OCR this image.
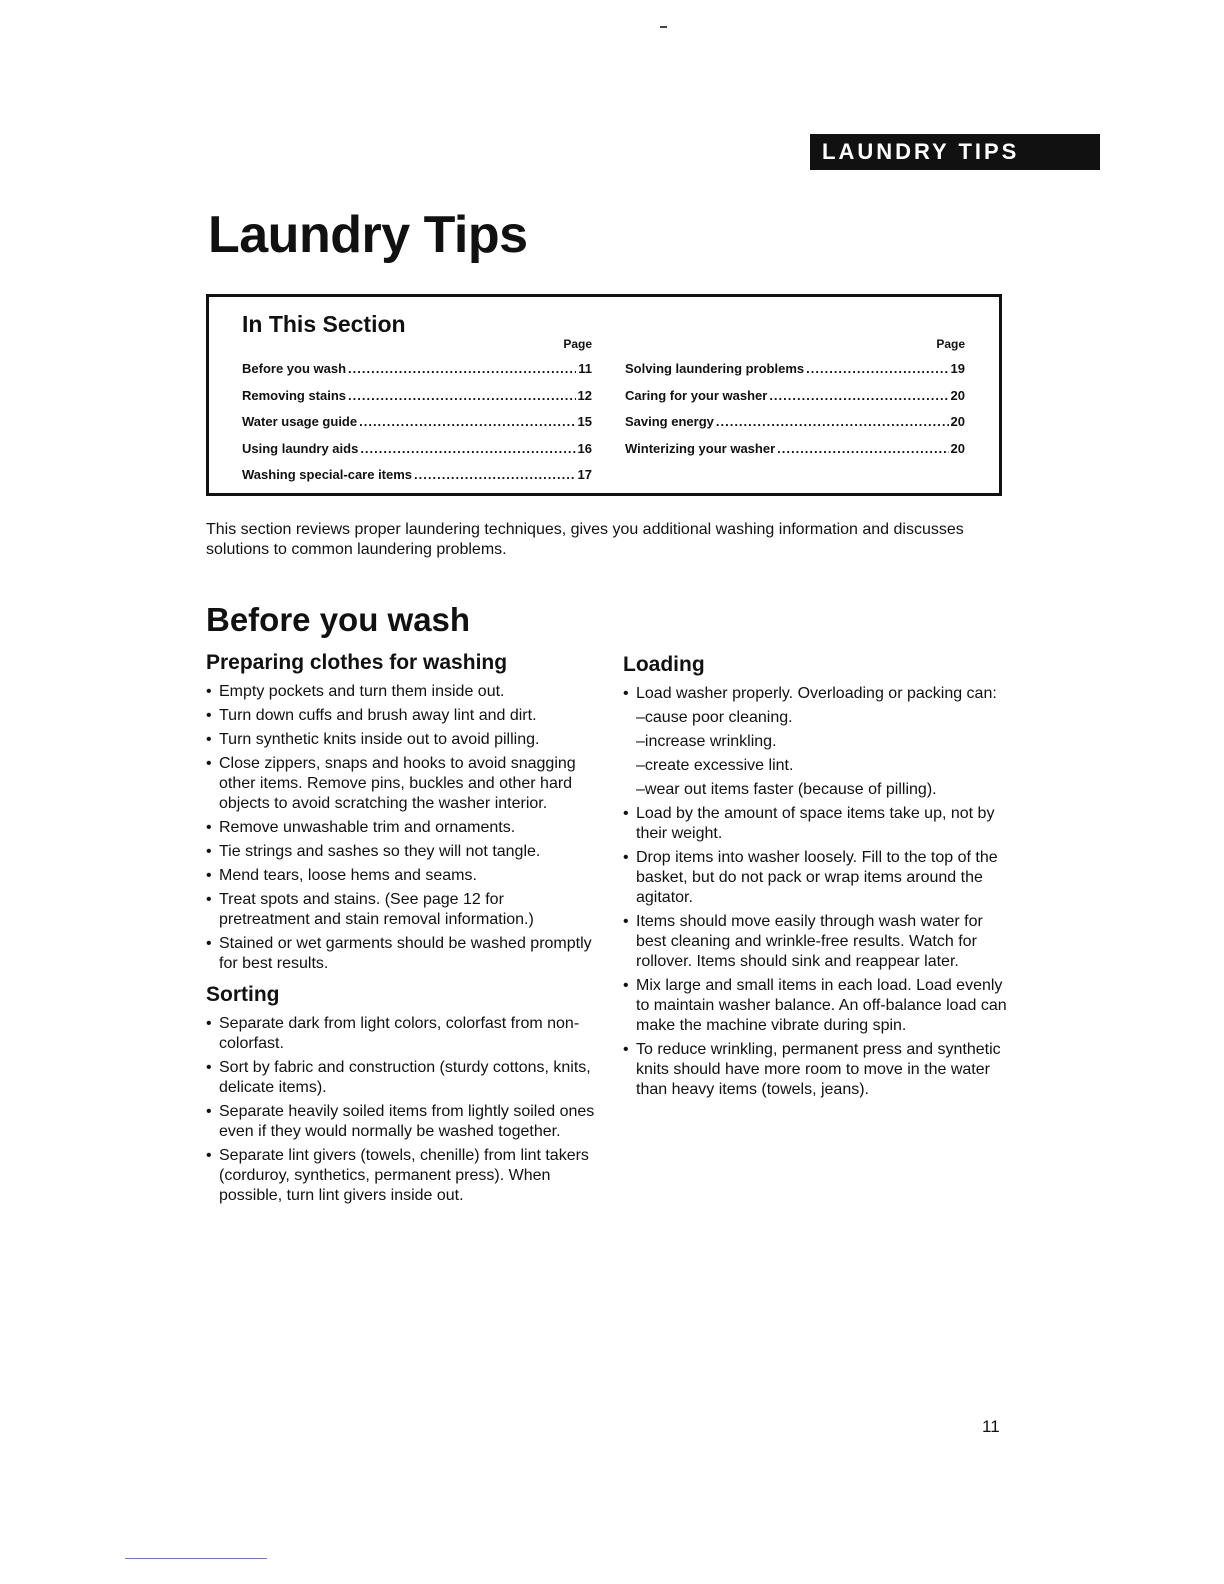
LAUNDRY TIPS
Laundry Tips
In This Section
Page
Before you wash .....	11
Removing stains .....	12
Water usage guide .....	15
Using laundry aids .....	16
Washing special-care items .....	17
Page
Solving laundering problems .....	19
Caring for your washer .....	20
Saving energy .....	20
Winterizing your washer .....	20

This section reviews proper laundering techniques, gives you additional washing information and discusses solutions to common laundering problems.

Before you wash
Preparing clothes for washing
• Empty pockets and turn them inside out.
• Turn down cuffs and brush away lint and dirt.
• Turn synthetic knits inside out to avoid pilling.
• Close zippers, snaps and hooks to avoid snagging other items. Remove pins, buckles and other hard objects to avoid scratching the washer interior.
• Remove unwashable trim and ornaments.
• Tie strings and sashes so they will not tangle.
• Mend tears, loose hems and seams.
• Treat spots and stains. (See page 12 for pretreatment and stain removal information.)
• Stained or wet garments should be washed promptly for best results.
Sorting
• Separate dark from light colors, colorfast from non-colorfast.
• Sort by fabric and construction (sturdy cottons, knits, delicate items).
• Separate heavily soiled items from lightly soiled ones even if they would normally be washed together.
• Separate lint givers (towels, chenille) from lint takers (corduroy, synthetics, permanent press). When possible, turn lint givers inside out.
Loading
• Load washer properly. Overloading or packing can:
–cause poor cleaning.
–increase wrinkling.
–create excessive lint.
–wear out items faster (because of pilling).
• Load by the amount of space items take up, not by their weight.
• Drop items into washer loosely. Fill to the top of the basket, but do not pack or wrap items around the agitator.
• Items should move easily through wash water for best cleaning and wrinkle-free results. Watch for rollover. Items should sink and reappear later.
• Mix large and small items in each load. Load evenly to maintain washer balance. An off-balance load can make the machine vibrate during spin.
• To reduce wrinkling, permanent press and synthetic knits should have more room to move in the water than heavy items (towels, jeans).
11
